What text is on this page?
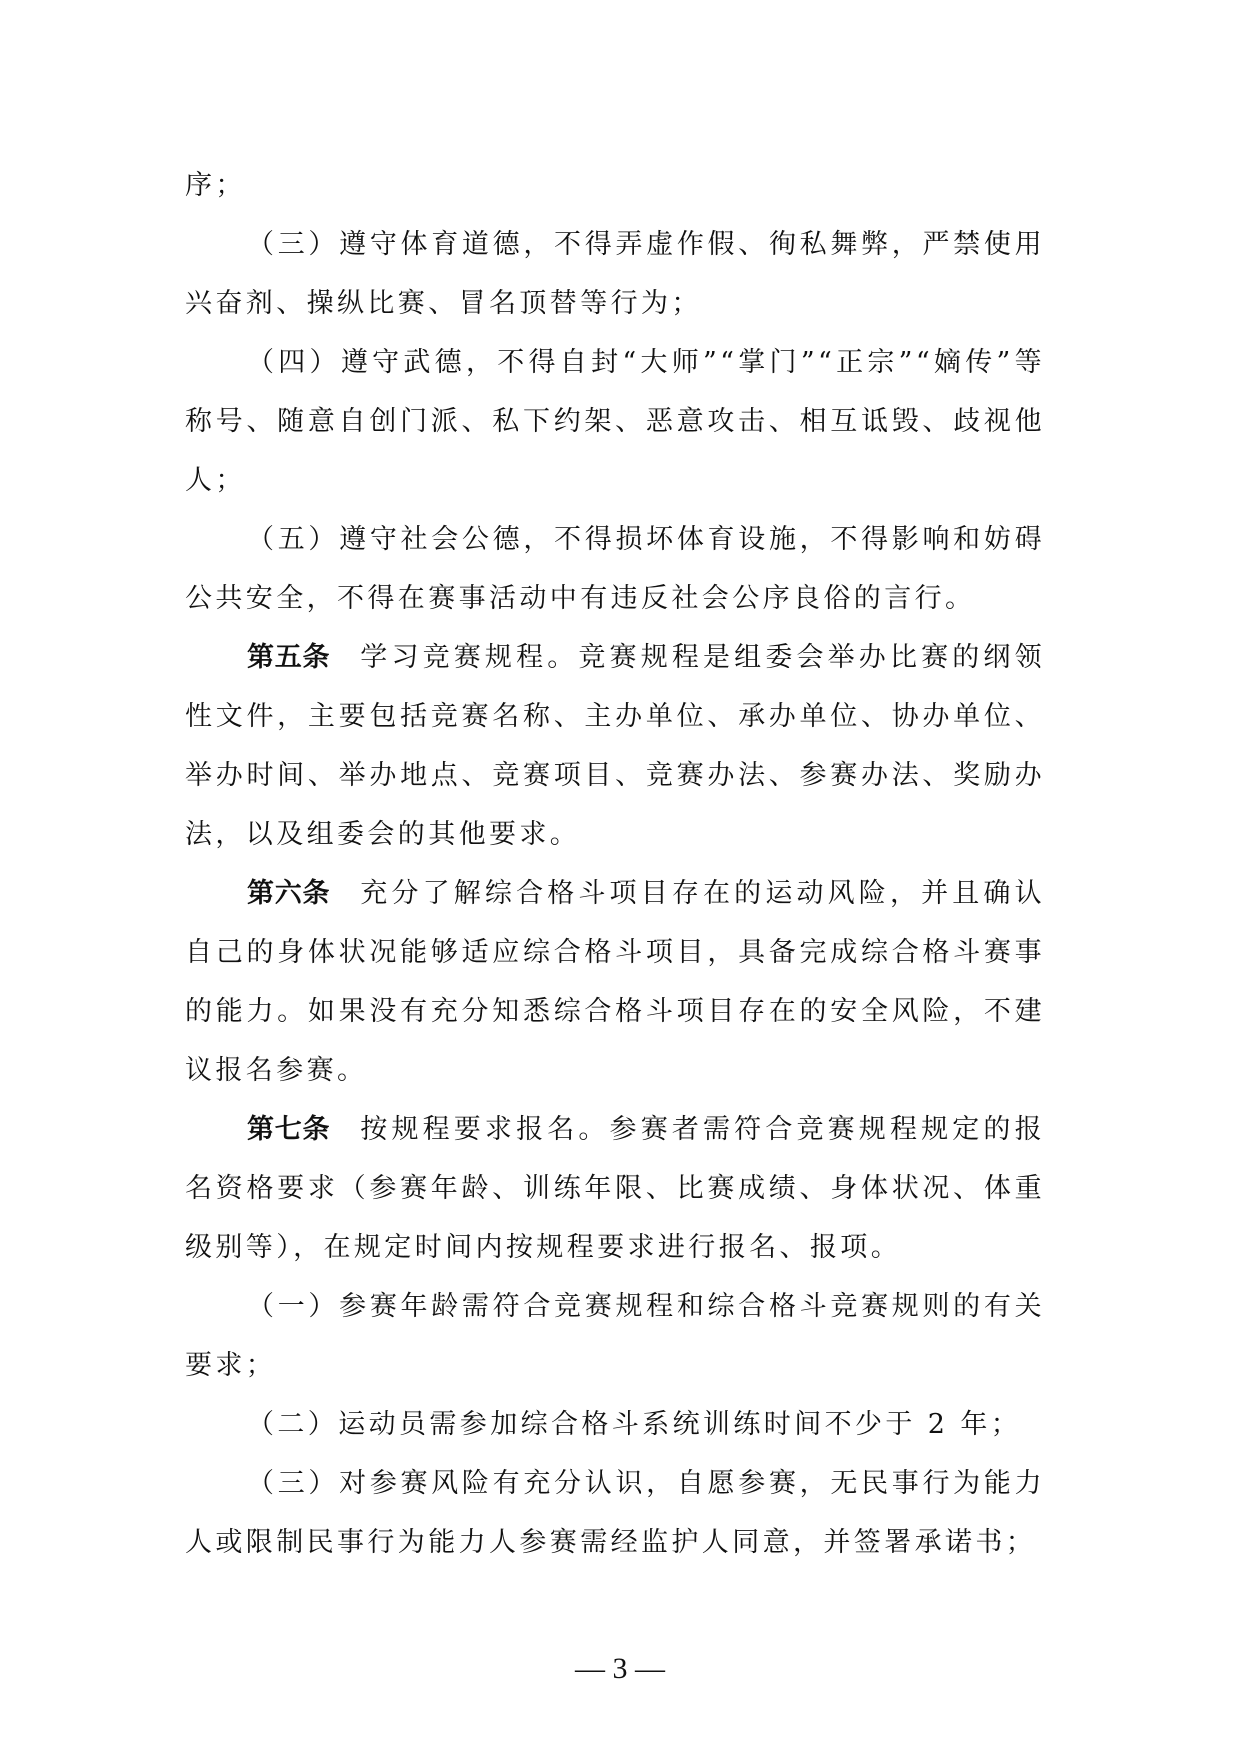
序；

（三）遵守体育道德，不得弄虚作假、徇私舞弊，严禁使用兴奋剂、操纵比赛、冒名顶替等行为；

（四）遵守武德，不得自封“大师”“掌门”“正宗”“嫡传”等称号、随意自创门派、私下约架、恶意攻击、相互诋毁、歧视他人；

（五）遵守社会公德，不得损坏体育设施，不得影响和妨碍公共安全，不得在赛事活动中有违反社会公序良俗的言行。

第五条 学习竞赛规程。竞赛规程是组委会举办比赛的纲领性文件，主要包括竞赛名称、主办单位、承办单位、协办单位、举办时间、举办地点、竞赛项目、竞赛办法、参赛办法、奖励办法，以及组委会的其他要求。

第六条 充分了解综合格斗项目存在的运动风险，并且确认自己的身体状况能够适应综合格斗项目，具备完成综合格斗赛事的能力。如果没有充分知悉综合格斗项目存在的安全风险，不建议报名参赛。

第七条 按规程要求报名。参赛者需符合竞赛规程规定的报名资格要求（参赛年龄、训练年限、比赛成绩、身体状况、体重级别等），在规定时间内按规程要求进行报名、报项。

（一）参赛年龄需符合竞赛规程和综合格斗竞赛规则的有关要求；

（二）运动员需参加综合格斗系统训练时间不少于 2 年；

（三）对参赛风险有充分认识，自愿参赛，无民事行为能力人或限制民事行为能力人参赛需经监护人同意，并签署承诺书；

— 3 —
